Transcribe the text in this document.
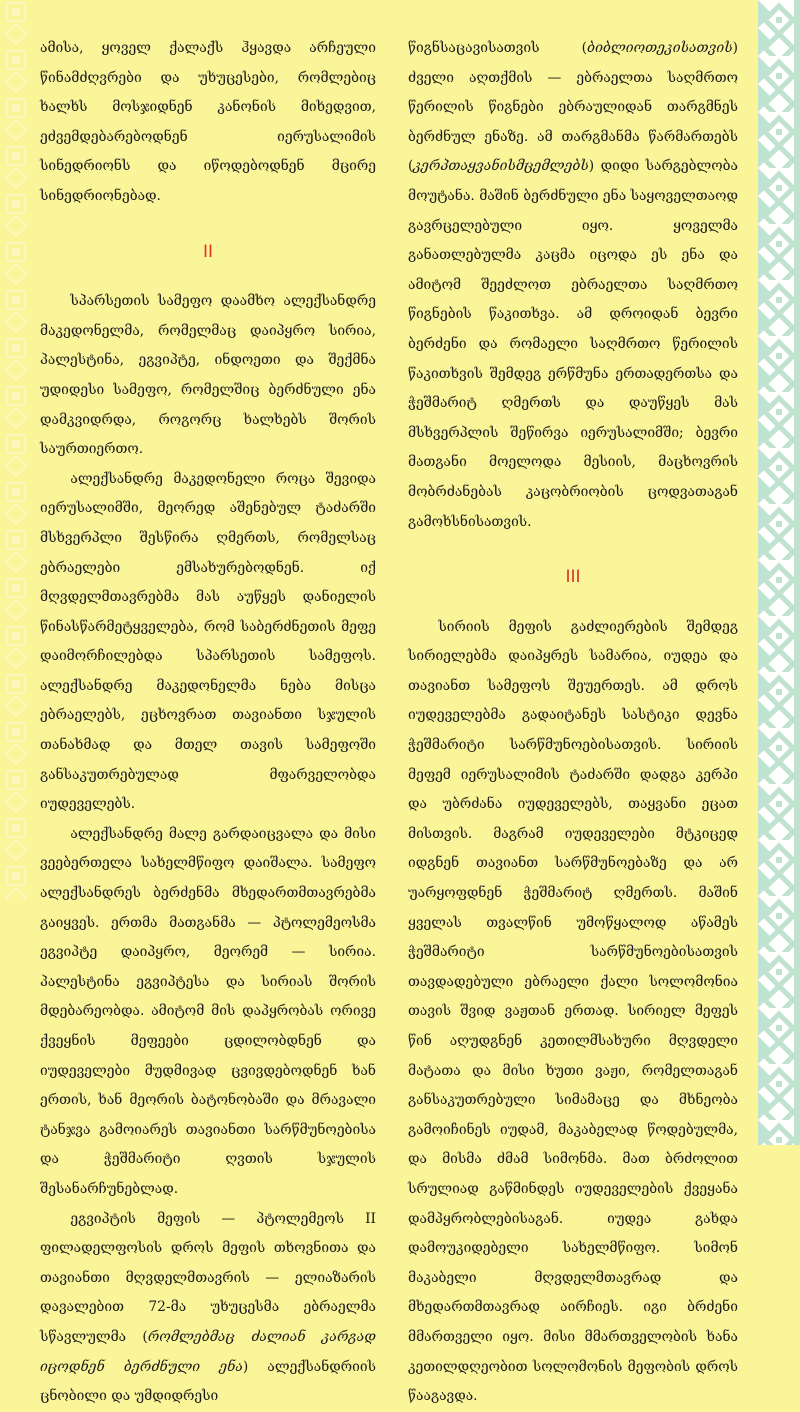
ამისა, ყოველ ქალაქს ჰყავდა არჩეული წინამძღვრები და უხუცესები, რომლებიც ხალხს მოსჯიდნენ კანონის მიხედვით, ეძვემდებარებოდნენ იერუსალიმის სინედრიონს და იწოდებოდნენ მცირე სინედრიონებად.

II

სპარსეთის სამეფო დაამხო ალექსანდრე მაკედონელმა, რომელმაც დაიპყრო სირია, პალესტინა, ეგვიპტე, ინდოეთი და შექმნა უდიდესი სამეფო, რომელშიც ბერძნული ენა დამკვიდრდა, როგორც ხალხებს შორის საურთიერთო.

ალექსანდრე მაკედონელი როცა შევიდა იერუსალიმში, მეორედ აშენებულ ტაძარში მსხვერპლი შესწირა ღმერთს, რომელსაც ებრაელები ემსახურებოდნენ. იქ მღვდელმთავრებმა მას აუწყეს დანიელის წინასწარმეტყველება, რომ საბერძნეთის მეფე დაიმორჩილებდა სპარსეთის სამეფოს. ალექსანდრე მაკედონელმა ნება მისცა ებრაელებს, ეცხოვრათ თავიანთი სჯულის თანახმად და მთელ თავის სამეფოში განსაკუთრებულად მფარველობდა იუდეველებს.

ალექსანდრე მალე გარდაიცვალა და მისი ვეებერთელა სახელმწიფო დაიშალა. სამეფო ალექსანდრეს ბერძენმა მხედართმთავრებმა გაიყვეს. ერთმა მათგანმა — პტოლემეოსმა ეგვიპტე დაიპყრო, მეორემ — სირია. პალესტინა ეგვიპტესა და სირიას შორის მდებარეობდა. ამიტომ მის დაპყრობას ორივე ქვეყნის მეფეები ცდილობდნენ და იუდეველები მუდმივად ცვივდებოდნენ ხან ერთის, ხან მეორის ბატონობაში და მრავალი ტანჯვა გამოიარეს თავიანთი სარწმუნოებისა და ჭეშმარიტი ღვთის სჯულის შესანარჩუნებლად.

ეგვიპტის მეფის — პტოლემეოს II ფილადელფოსის დროს მეფის თხოვნითა და თავიანთი მღვდელმთავრის — ელიაზარის დავალებით 72-მა უხუცესმა ებრაელმა სწავლულმა (რომლებმაც ძალიან კარგად იცოდნენ ბერძნული ენა) ალექსანდრიის ცნობილი და უმდიდრესი

წიგნსაცავისათვის (ბიბლიოთეკისათვის) ძველი აღთქმის — ებრაელთა საღმრთო წერილის წიგნები ებრაულიდან თარგმნეს ბერძნულ ენაზე. ამ თარგმანმა წარმართებს (კერპთაყვანისმცემლებს) დიდი სარგებლობა მოუტანა. მაშინ ბერძნული ენა საყოველთაოდ გავრცელებული იყო. ყოველმა განათლებულმა კაცმა იცოდა ეს ენა და ამიტომ შეეძლოთ ებრაელთა საღმრთო წიგნების წაკითხვა. ამ დროიდან ბევრი ბერძენი და რომაელი საღმრთო წერილის წაკითხვის შემდეგ ერწმუნა ერთადერთსა და ჭეშმარიტ ღმერთს და დაუწყეს მას მსხვერპლის შეწირვა იერუსალიმში; ბევრი მათგანი მოელოდა მესიის, მაცხოვრის მობრძანებას კაცობრიობის ცოდვათაგან გამოხსნისათვის.

III

სირიის მეფის გაძლიერების შემდეგ სირიელებმა დაიპყრეს სამარია, იუდეა და თავიანთ სამეფოს შეუერთეს. ამ დროს იუდეველებმა გადაიტანეს სასტიკი დევნა ჭეშმარიტი სარწმუნოებისათვის. სირიის მეფემ იერუსალიმის ტაძარში დადგა კერპი და უბრძანა იუდეველებს, თაყვანი ეცათ მისთვის. მაგრამ იუდეველები მტკიცედ იდგნენ თავიანთ სარწმუნოებაზე და არ უარყოფდნენ ჭეშმარიტ ღმერთს. მაშინ ყველას თვალწინ უმოწყალოდ აწამეს ჭეშმარიტი სარწმუნოებისათვის თავდადებული ებრაელი ქალი სოლომონია თავის შვიდ ვაჟთან ერთად. სირიელ მეფეს წინ აღუდგნენ კეთილმსახური მღვდელი მატათა და მისი ხუთი ვაჟი, რომელთაგან განსაკუთრებული სიმამაცე და მხნეობა გამოიჩინეს იუდამ, მაკაბელად წოდებულმა, და მისმა ძმამ სიმონმა. მათ ბრძოლით სრულიად გაწმინდეს იუდეველების ქვეყანა დამპყრობლებისაგან. იუდეა გახდა დამოუკიდებელი სახელმწიფო. სიმონ მაკაბელი მღვდელმთავრად და მხედართმთავრად აირჩიეს. იგი ბრძენი მმართველი იყო. მისი მმართველობის ხანა კეთილდღეობით სოლომონის მეფობის დროს წააგავდა.
